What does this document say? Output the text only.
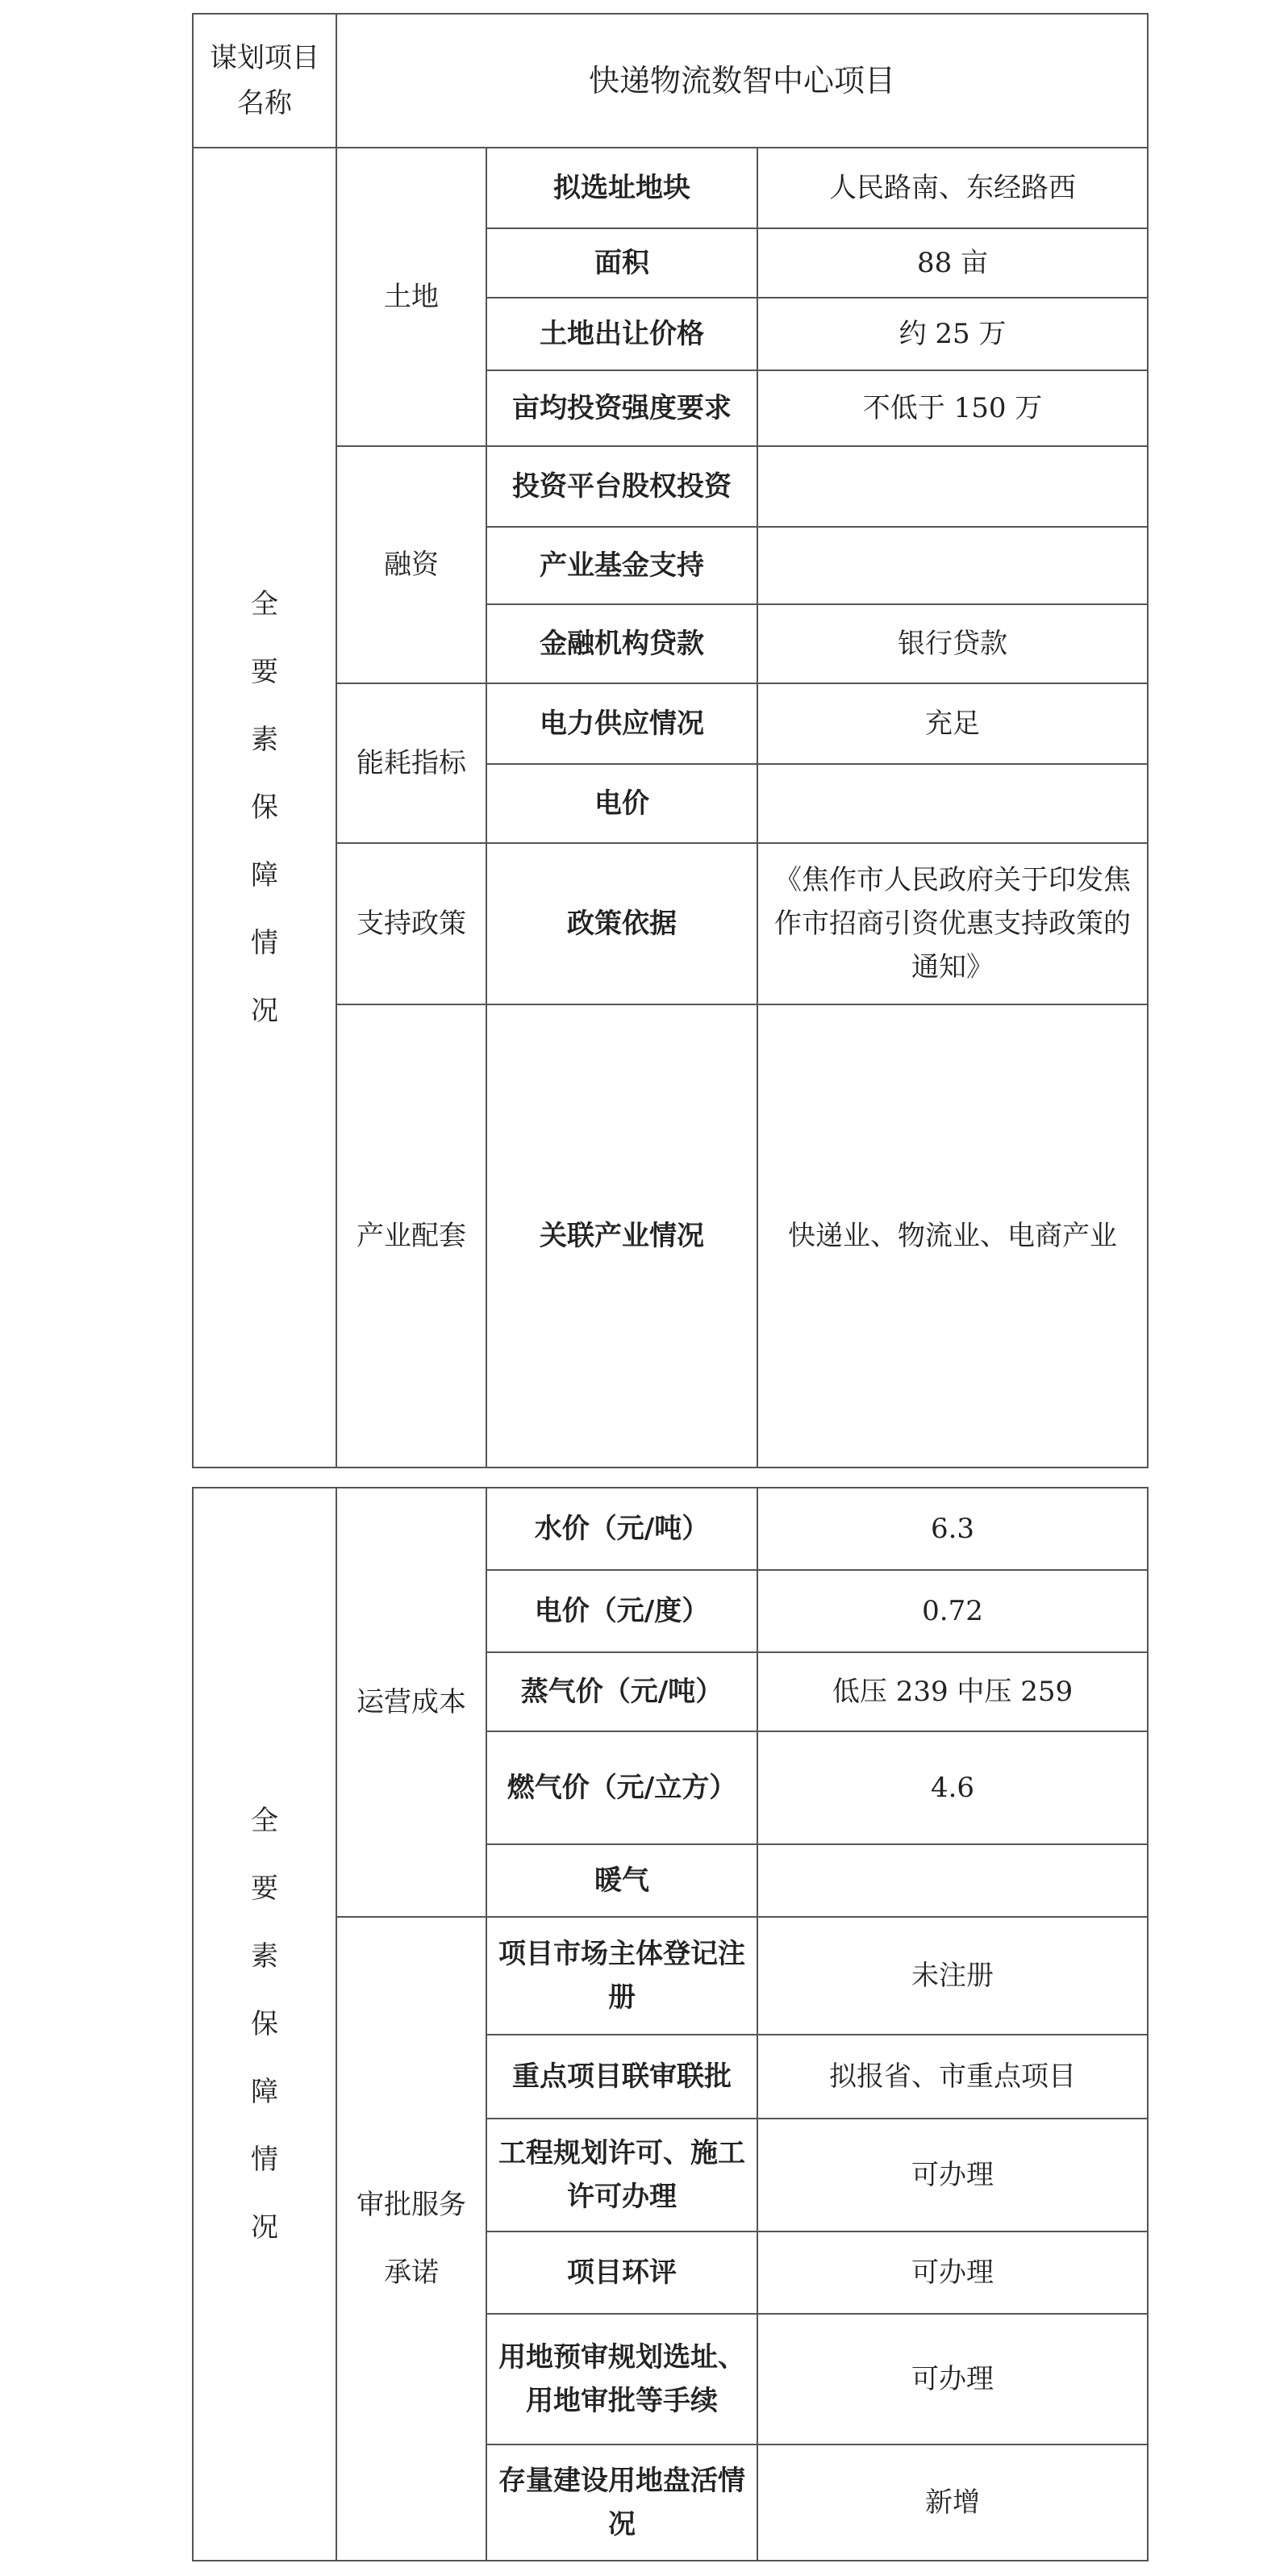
谋划项目名称	快递物流数智中心项目		
全要素保障情况	土地	拟选址地块	人民路南、东经路西
		面积	88 亩
		土地出让价格	约 25 万
		亩均投资强度要求	不低于 150 万
	融资	投资平台股权投资	
		产业基金支持	
		金融机构贷款	银行贷款
	能耗指标	电力供应情况	充足
		电价	
	支持政策	政策依据	《焦作市人民政府关于印发焦作市招商引资优惠支持政策的通知》
	产业配套	关联产业情况	快递业、物流业、电商产业
全要素保障情况	运营成本	水价（元/吨）	6.3
		电价（元/度）	0.72
		蒸气价（元/吨）	低压 239 中压 259
		燃气价（元/立方）	4.6
		暖气	
	审批服务承诺	项目市场主体登记注册	未注册
		重点项目联审联批	拟报省、市重点项目
		工程规划许可、施工许可办理	可办理
		项目环评	可办理
		用地预审规划选址、用地审批等手续	可办理
		存量建设用地盘活情况	新增
